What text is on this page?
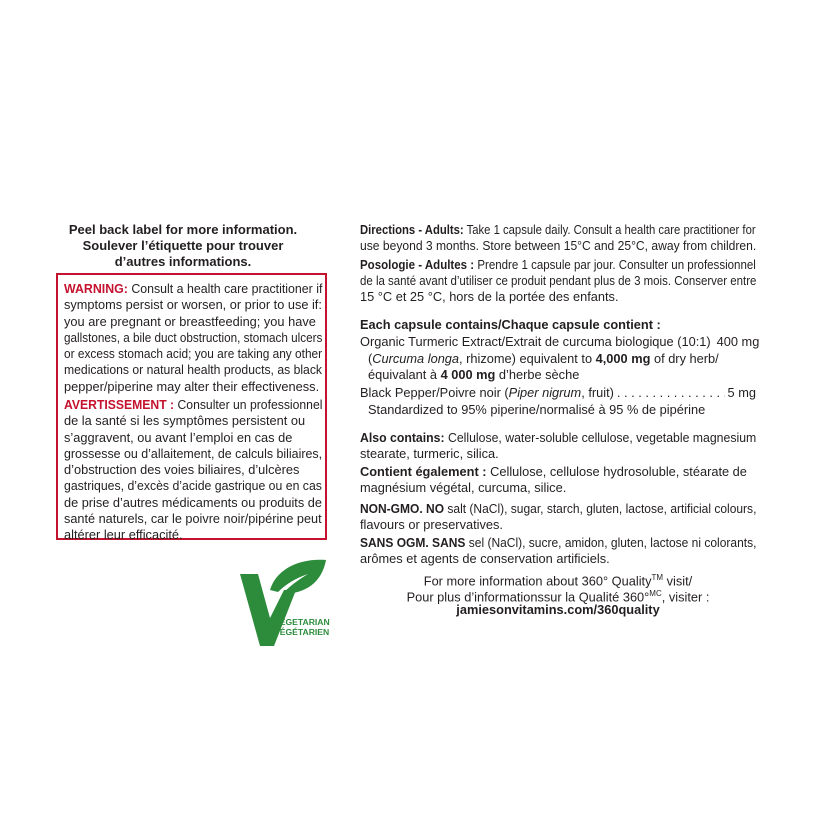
Peel back label for more information.
Soulever l’étiquette pour trouver
d’autres informations.
WARNING: Consult a health care practitioner if
symptoms persist or worsen, or prior to use if:
you are pregnant or breastfeeding; you have
gallstones, a bile duct obstruction, stomach ulcers
or excess stomach acid; you are taking any other
medications or natural health products, as black
pepper/piperine may alter their effectiveness.
AVERTISSEMENT : Consulter un professionnel
de la santé si les symptômes persistent ou
s’aggravent, ou avant l’emploi en cas de
grossesse ou d’allaitement, de calculs biliaires,
d’obstruction des voies biliaires, d’ulcères
gastriques, d’excès d’acide gastrique ou en cas
de prise d’autres médicaments ou produits de
santé naturels, car le poivre noir/pipérine peut
altérer leur efficacité.
VEGETARIAN
VÉGÉTARIEN
Directions - Adults: Take 1 capsule daily. Consult a health care practitioner for
use beyond 3 months. Store between 15°C and 25°C, away from children.
Posologie - Adultes : Prendre 1 capsule par jour. Consulter un professionnel
de la santé avant d’utiliser ce produit pendant plus de 3 mois. Conserver entre
15 °C et 25 °C, hors de la portée des enfants.
Each capsule contains/Chaque capsule contient :
Organic Turmeric Extract/Extrait de curcuma biologique (10:1) 400 mg
(Curcuma longa, rhizome) equivalent to 4,000 mg of dry herb/
équivalant à 4 000 mg d’herbe sèche
Black Pepper/Poivre noir (Piper nigrum, fruit)
. . .	5 mg
Standardized to 95% piperine/normalisé à 95 % de pipérine
Also contains: Cellulose, water-soluble cellulose, vegetable magnesium
stearate, turmeric, silica.
Contient également : Cellulose, cellulose hydrosoluble, stéarate de
magnésium végétal, curcuma, silice.
NON-GMO. NO salt (NaCl), sugar, starch, gluten, lactose, artificial colours,
flavours or preservatives.
SANS OGM. SANS sel (NaCl), sucre, amidon, gluten, lactose ni colorants,
arômes et agents de conservation artificiels.
For more information about 360° Quality™ visit/
Pour plus d’informationssur la Qualité 360°$^{MC}$, visiter :
jamiesonvitamins.com/360quality
